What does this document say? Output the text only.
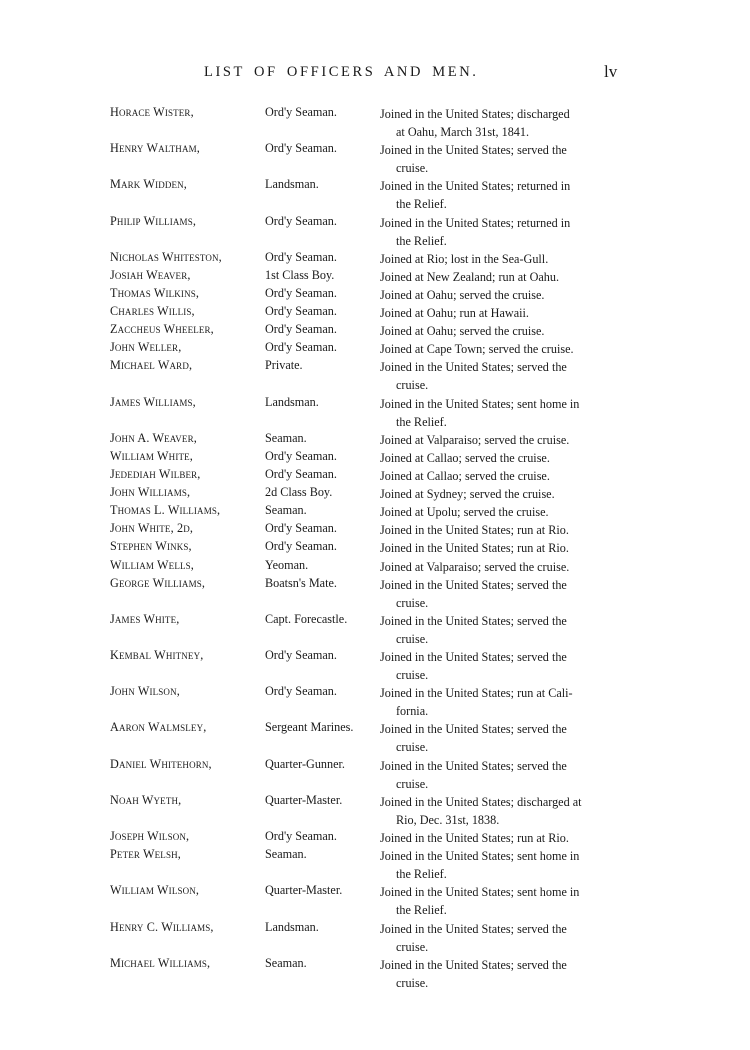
LIST OF OFFICERS AND MEN.	lv
Horace Wister,	Ord'y Seaman.	Joined in the United States; discharged
at Oahu, March 31st, 1841.
Henry Waltham,	Ord'y Seaman.	Joined in the United States; served the
cruise.
Mark Widden,	Landsman.	Joined in the United States; returned in
the Relief.
Philip Williams,	Ord'y Seaman.	Joined in the United States; returned in
the Relief.
Nicholas Whiteston,	Ord'y Seaman.	Joined at Rio; lost in the Sea-Gull.
Josiah Weaver,	1st Class Boy.	Joined at New Zealand; run at Oahu.
Thomas Wilkins,	Ord'y Seaman.	Joined at Oahu; served the cruise.
Charles Willis,	Ord'y Seaman.	Joined at Oahu; run at Hawaii.
Zaccheus Wheeler,	Ord'y Seaman.	Joined at Oahu; served the cruise.
John Weller,	Ord'y Seaman.	Joined at Cape Town; served the cruise.
Michael Ward,	Private.	Joined in the United States; served the
cruise.
James Williams,	Landsman.	Joined in the United States; sent home in
the Relief.
John A. Weaver,	Seaman.	Joined at Valparaiso; served the cruise.
William White,	Ord'y Seaman.	Joined at Callao; served the cruise.
Jedediah Wilber,	Ord'y Seaman.	Joined at Callao; served the cruise.
John Williams,	2d Class Boy.	Joined at Sydney; served the cruise.
Thomas L. Williams,	Seaman.	Joined at Upolu; served the cruise.
John White, 2d,	Ord'y Seaman.	Joined in the United States; run at Rio.
Stephen Winks,	Ord'y Seaman.	Joined in the United States; run at Rio.
William Wells,	Yeoman.	Joined at Valparaiso; served the cruise.
George Williams,	Boatsn's Mate.	Joined in the United States; served the
cruise.
James White,	Capt. Forecastle.	Joined in the United States; served the
cruise.
Kembal Whitney,	Ord'y Seaman.	Joined in the United States; served the
cruise.
John Wilson,	Ord'y Seaman.	Joined in the United States; run at Cali-
fornia.
Aaron Walmsley,	Sergeant Marines. Joined in the United States; served the
cruise.
Daniel Whitehorn,	Quarter-Gunner.	Joined in the United States; served the
cruise.
Noah Wyeth,	Quarter-Master.	Joined in the United States; discharged at
Rio, Dec. 31st, 1838.
Joseph Wilson,	Ord'y Seaman.	Joined in the United States; run at Rio.
Peter Welsh,	Seaman.	Joined in the United States; sent home in
the Relief.
William Wilson,	Quarter-Master.	Joined in the United States; sent home in
the Relief.
Henry C. Williams,	Landsman.	Joined in the United States; served the
cruise.
Michael Williams,	Seaman.	Joined in the United States; served the
cruise.
